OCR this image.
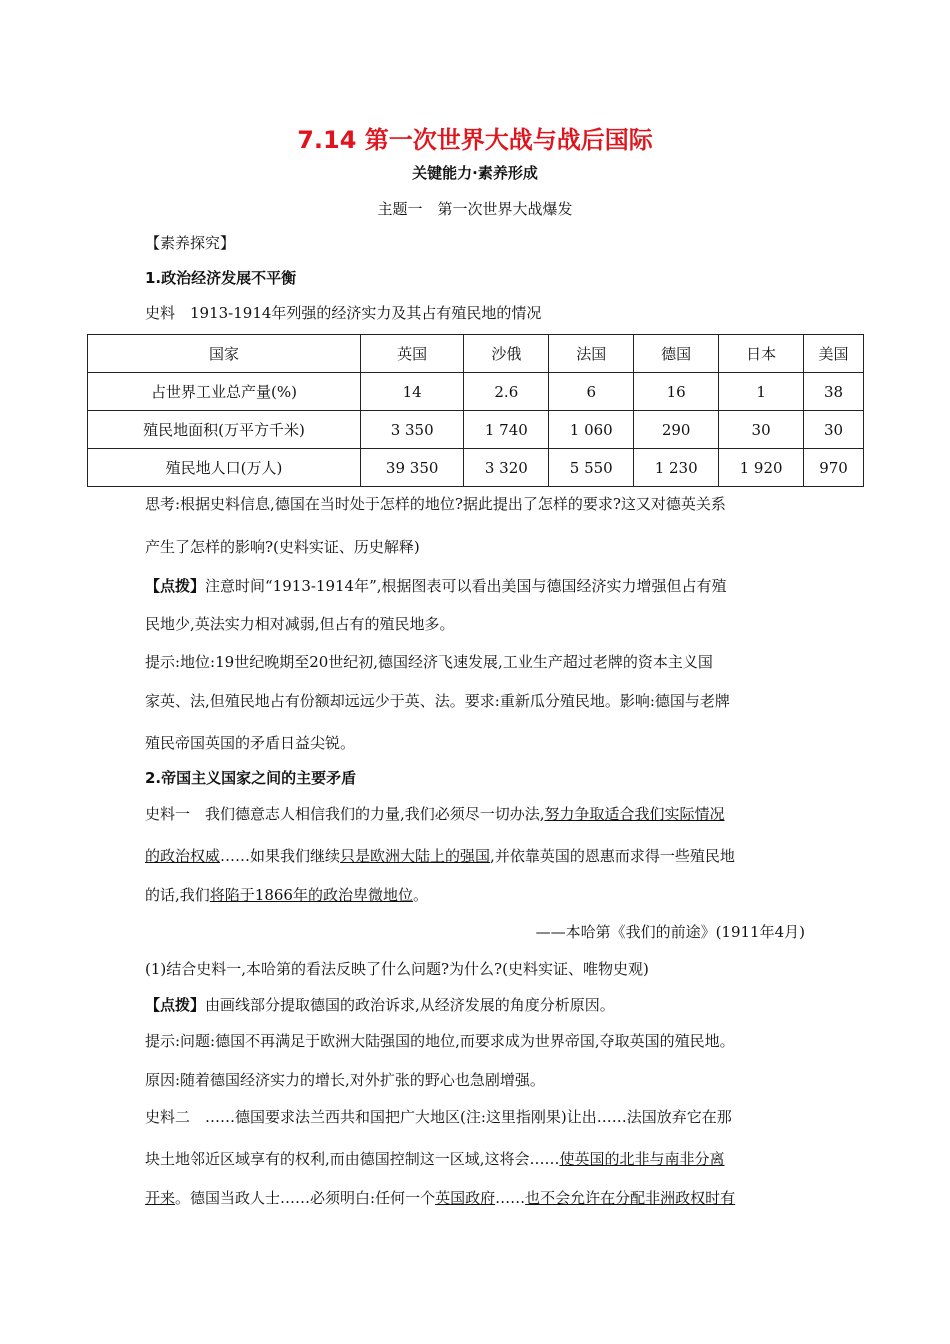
7.14 第一次世界大战与战后国际
关键能力·素养形成
主题一　第一次世界大战爆发
【素养探究】
1.政治经济发展不平衡
史料　1913-1914年列强的经济实力及其占有殖民地的情况
国家	英国	沙俄	法国	德国	日本	美国
占世界工业总产量(%)	14	2.6	6	16	1	38
殖民地面积(万平方千米)	3 350	1 740	1 060	290	30	30
殖民地人口(万人)	39 350	3 320	5 550	1 230	1 920	970
思考:根据史料信息,德国在当时处于怎样的地位?据此提出了怎样的要求?这又对德英关系
产生了怎样的影响?(史料实证、历史解释)
【点拨】注意时间“1913-1914年”,根据图表可以看出美国与德国经济实力增强但占有殖
民地少,英法实力相对减弱,但占有的殖民地多。
提示:地位:19世纪晚期至20世纪初,德国经济飞速发展,工业生产超过老牌的资本主义国
家英、法,但殖民地占有份额却远远少于英、法。要求:重新瓜分殖民地。影响:德国与老牌
殖民帝国英国的矛盾日益尖锐。
2.帝国主义国家之间的主要矛盾
史料一　我们德意志人相信我们的力量,我们必须尽一切办法,努力争取适合我们实际情况
的政治权威……如果我们继续只是欧洲大陆上的强国,并依靠英国的恩惠而求得一些殖民地
的话,我们将陷于1866年的政治卑微地位。
——本哈第《我们的前途》(1911年4月)
(1)结合史料一,本哈第的看法反映了什么问题?为什么?(史料实证、唯物史观)
【点拨】由画线部分提取德国的政治诉求,从经济发展的角度分析原因。
提示:问题:德国不再满足于欧洲大陆强国的地位,而要求成为世界帝国,夺取英国的殖民地。
原因:随着德国经济实力的增长,对外扩张的野心也急剧增强。
史料二　……德国要求法兰西共和国把广大地区(注:这里指刚果)让出……法国放弃它在那
块土地邻近区域享有的权利,而由德国控制这一区域,这将会……使英国的北非与南非分离
开来。德国当政人士……必须明白:任何一个英国政府……也不会允许在分配非洲政权时有
